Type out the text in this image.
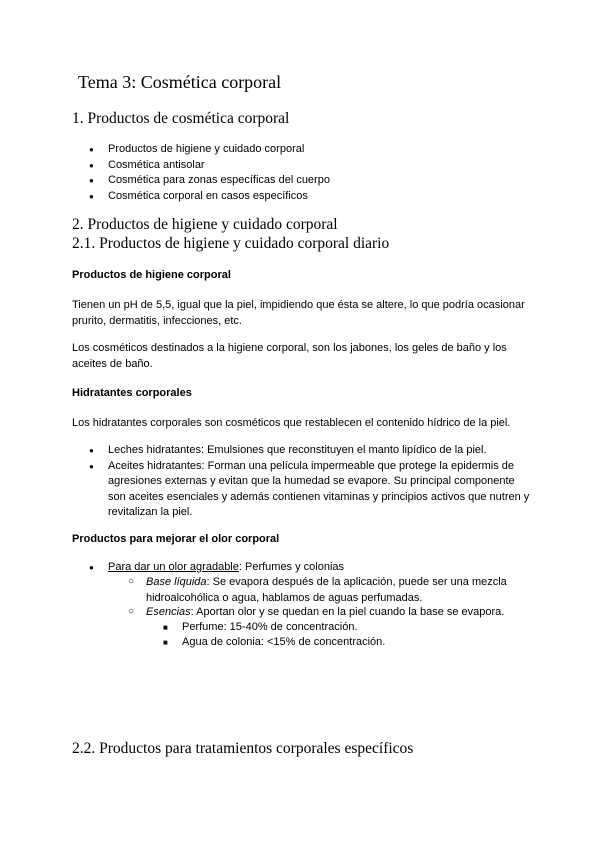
Tema 3: Cosmética corporal
1. Productos de cosmética corporal
● Productos de higiene y cuidado corporal
● Cosmética antisolar
● Cosmética para zonas específicas del cuerpo
● Cosmética corporal en casos específicos
2. Productos de higiene y cuidado corporal
2.1. Productos de higiene y cuidado corporal diario
Productos de higiene corporal
Tienen un pH de 5,5, igual que la piel, impidiendo que ésta se altere, lo que podría ocasionar prurito, dermatitis, infecciones, etc.
Los cosméticos destinados a la higiene corporal, son los jabones, los geles de baño y los aceites de baño.
Hidratantes corporales
Los hidratantes corporales son cosméticos que restablecen el contenido hídrico de la piel.
● Leches hidratantes: Emulsiones que reconstituyen el manto lipídico de la piel.
● Aceites hidratantes: Forman una película impermeable que protege la epidermis de agresiones externas y evitan que la humedad se evapore. Su principal componente son aceites esenciales y además contienen vitaminas y principios activos que nutren y revitalizan la piel.
Productos para mejorar el olor corporal
● Para dar un olor agradable: Perfumes y colonias
○ Base líquida: Se evapora después de la aplicación, puede ser una mezcla hidroalcohólica o agua, hablamos de aguas perfumadas.
○ Esencias: Aportan olor y se quedan en la piel cuando la base se evapora.
■ Perfume: 15-40% de concentración.
■ Agua de colonia: <15% de concentración.
2.2. Productos para tratamientos corporales específicos
